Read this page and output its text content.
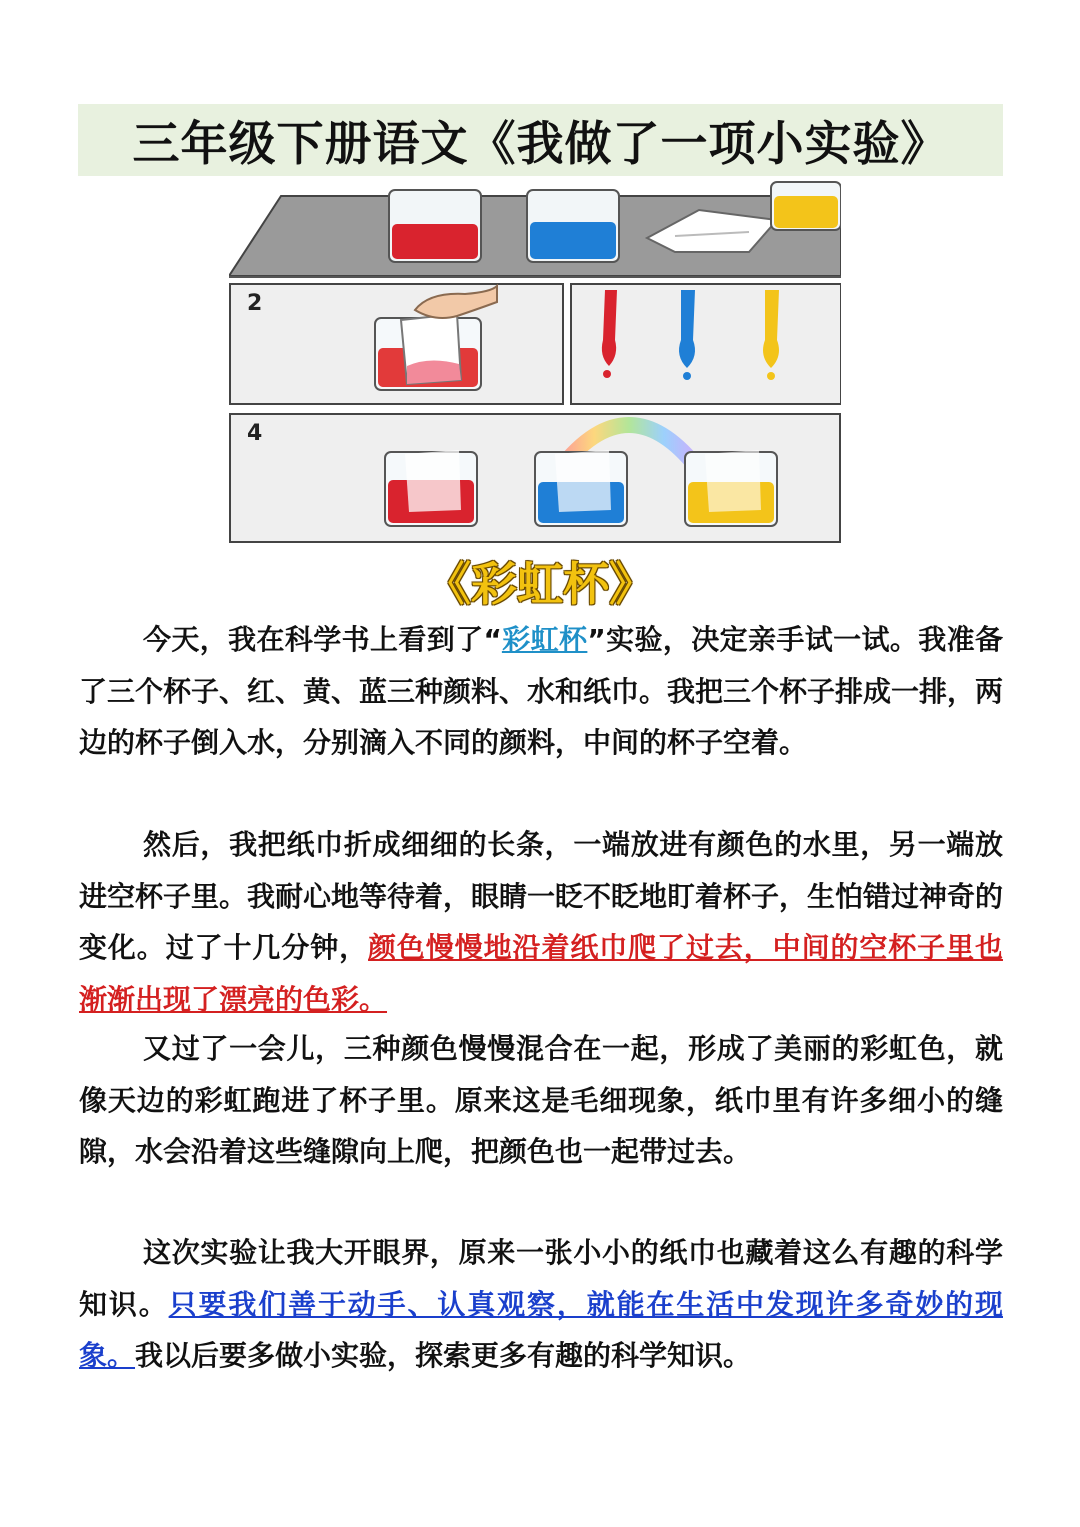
三年级下册语文《我做了一项小实验》
2
4
《彩虹杯》

今天，我在科学书上看到了“彩虹杯”实验，决定亲手试一试。我准备了三个杯子、红、黄、蓝三种颜料、水和纸巾。我把三个杯子排成一排，两边的杯子倒入水，分别滴入不同的颜料，中间的杯子空着。

然后，我把纸巾折成细细的长条，一端放进有颜色的水里，另一端放进空杯子里。我耐心地等待着，眼睛一眨不眨地盯着杯子，生怕错过神奇的变化。过了十几分钟，颜色慢慢地沿着纸巾爬了过去，中间的空杯子里也渐渐出现了漂亮的色彩。

又过了一会儿，三种颜色慢慢混合在一起，形成了美丽的彩虹色，就像天边的彩虹跑进了杯子里。原来这是毛细现象，纸巾里有许多细小的缝隙，水会沿着这些缝隙向上爬，把颜色也一起带过去。

这次实验让我大开眼界，原来一张小小的纸巾也藏着这么有趣的科学知识。只要我们善于动手、认真观察，就能在生活中发现许多奇妙的现象。我以后要多做小实验，探索更多有趣的科学知识。
